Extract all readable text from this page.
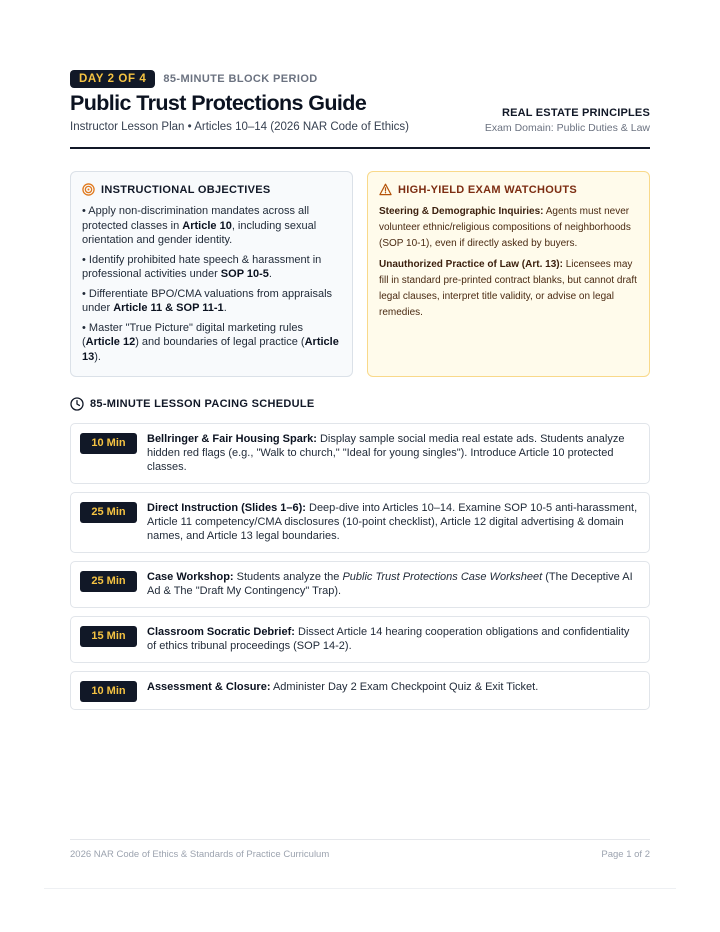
DAY 2 OF 4	85-MINUTE BLOCK PERIOD
Public Trust Protections Guide
Instructor Lesson Plan • Articles 10–14 (2026 NAR Code of Ethics)
REAL ESTATE PRINCIPLES
Exam Domain: Public Duties & Law
INSTRUCTIONAL OBJECTIVES
• Apply non-discrimination mandates across all protected classes in Article 10, including sexual orientation and gender identity.
• Identify prohibited hate speech & harassment in professional activities under SOP 10-5.
• Differentiate BPO/CMA valuations from appraisals under Article 11 & SOP 11-1.
• Master "True Picture" digital marketing rules (Article 12) and boundaries of legal practice (Article 13).
HIGH-YIELD EXAM WATCHOUTS
Steering & Demographic Inquiries: Agents must never volunteer ethnic/religious compositions of neighborhoods (SOP 10-1), even if directly asked by buyers.
Unauthorized Practice of Law (Art. 13): Licensees may fill in standard pre-printed contract blanks, but cannot draft legal clauses, interpret title validity, or advise on legal remedies.
85-MINUTE LESSON PACING SCHEDULE
10 Min	Bellringer & Fair Housing Spark: Display sample social media real estate ads. Students analyze hidden red flags (e.g., "Walk to church," "Ideal for young singles"). Introduce Article 10 protected classes.
25 Min	Direct Instruction (Slides 1–6): Deep-dive into Articles 10–14. Examine SOP 10-5 anti-harassment, Article 11 competency/CMA disclosures (10-point checklist), Article 12 digital advertising & domain names, and Article 13 legal boundaries.
25 Min	Case Workshop: Students analyze the Public Trust Protections Case Worksheet (The Deceptive AI Ad & The "Draft My Contingency" Trap).
15 Min	Classroom Socratic Debrief: Dissect Article 14 hearing cooperation obligations and confidentiality of ethics tribunal proceedings (SOP 14-2).
10 Min	Assessment & Closure: Administer Day 2 Exam Checkpoint Quiz & Exit Ticket.
2026 NAR Code of Ethics & Standards of Practice Curriculum	Page 1 of 2
